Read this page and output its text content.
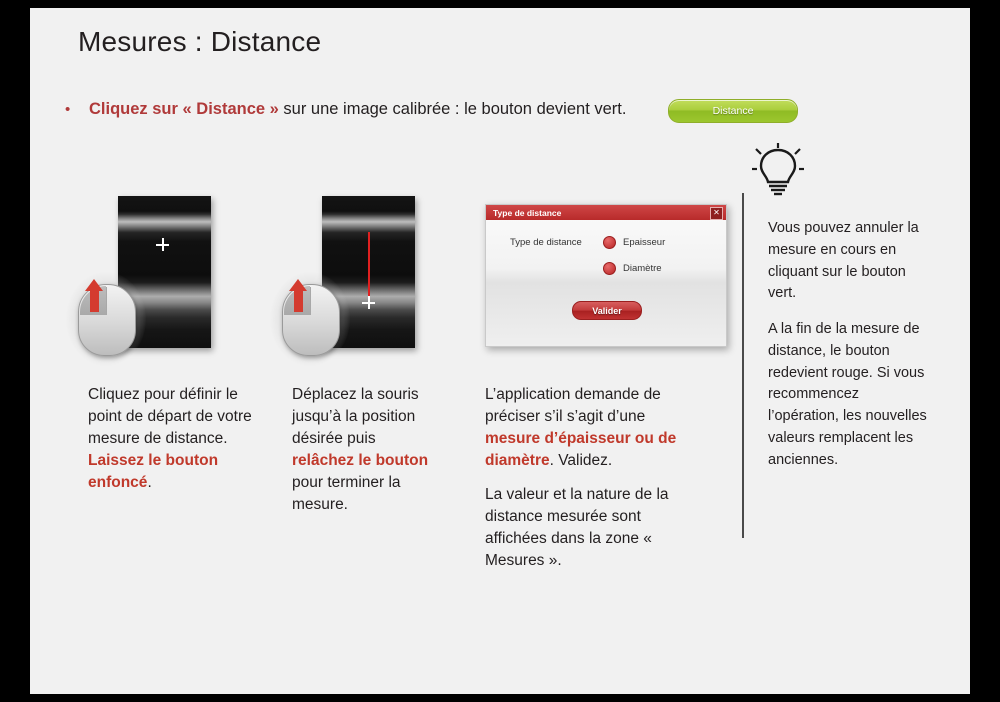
Mesures : Distance
•	Cliquez sur « Distance » sur une image calibrée : le bouton devient vert.	Distance

Cliquez pour définir le point de départ de votre mesure de distance. Laissez le bouton enfoncé.

Déplacez la souris jusqu’à la position désirée puis relâchez le bouton pour terminer la mesure.

Type de distance	✕
Type de distance	Epaisseur
Diamètre
Valider

L’application demande de préciser s’il s’agit d’une mesure d’épaisseur ou de diamètre. Validez.

La valeur et la nature de la distance mesurée sont affichées dans la zone « Mesures ».

Vous pouvez annuler la mesure en cours en cliquant sur le bouton vert.

A la fin de la mesure de distance, le bouton redevient rouge. Si vous recommencez l’opération, les nouvelles valeurs remplacent les anciennes.
